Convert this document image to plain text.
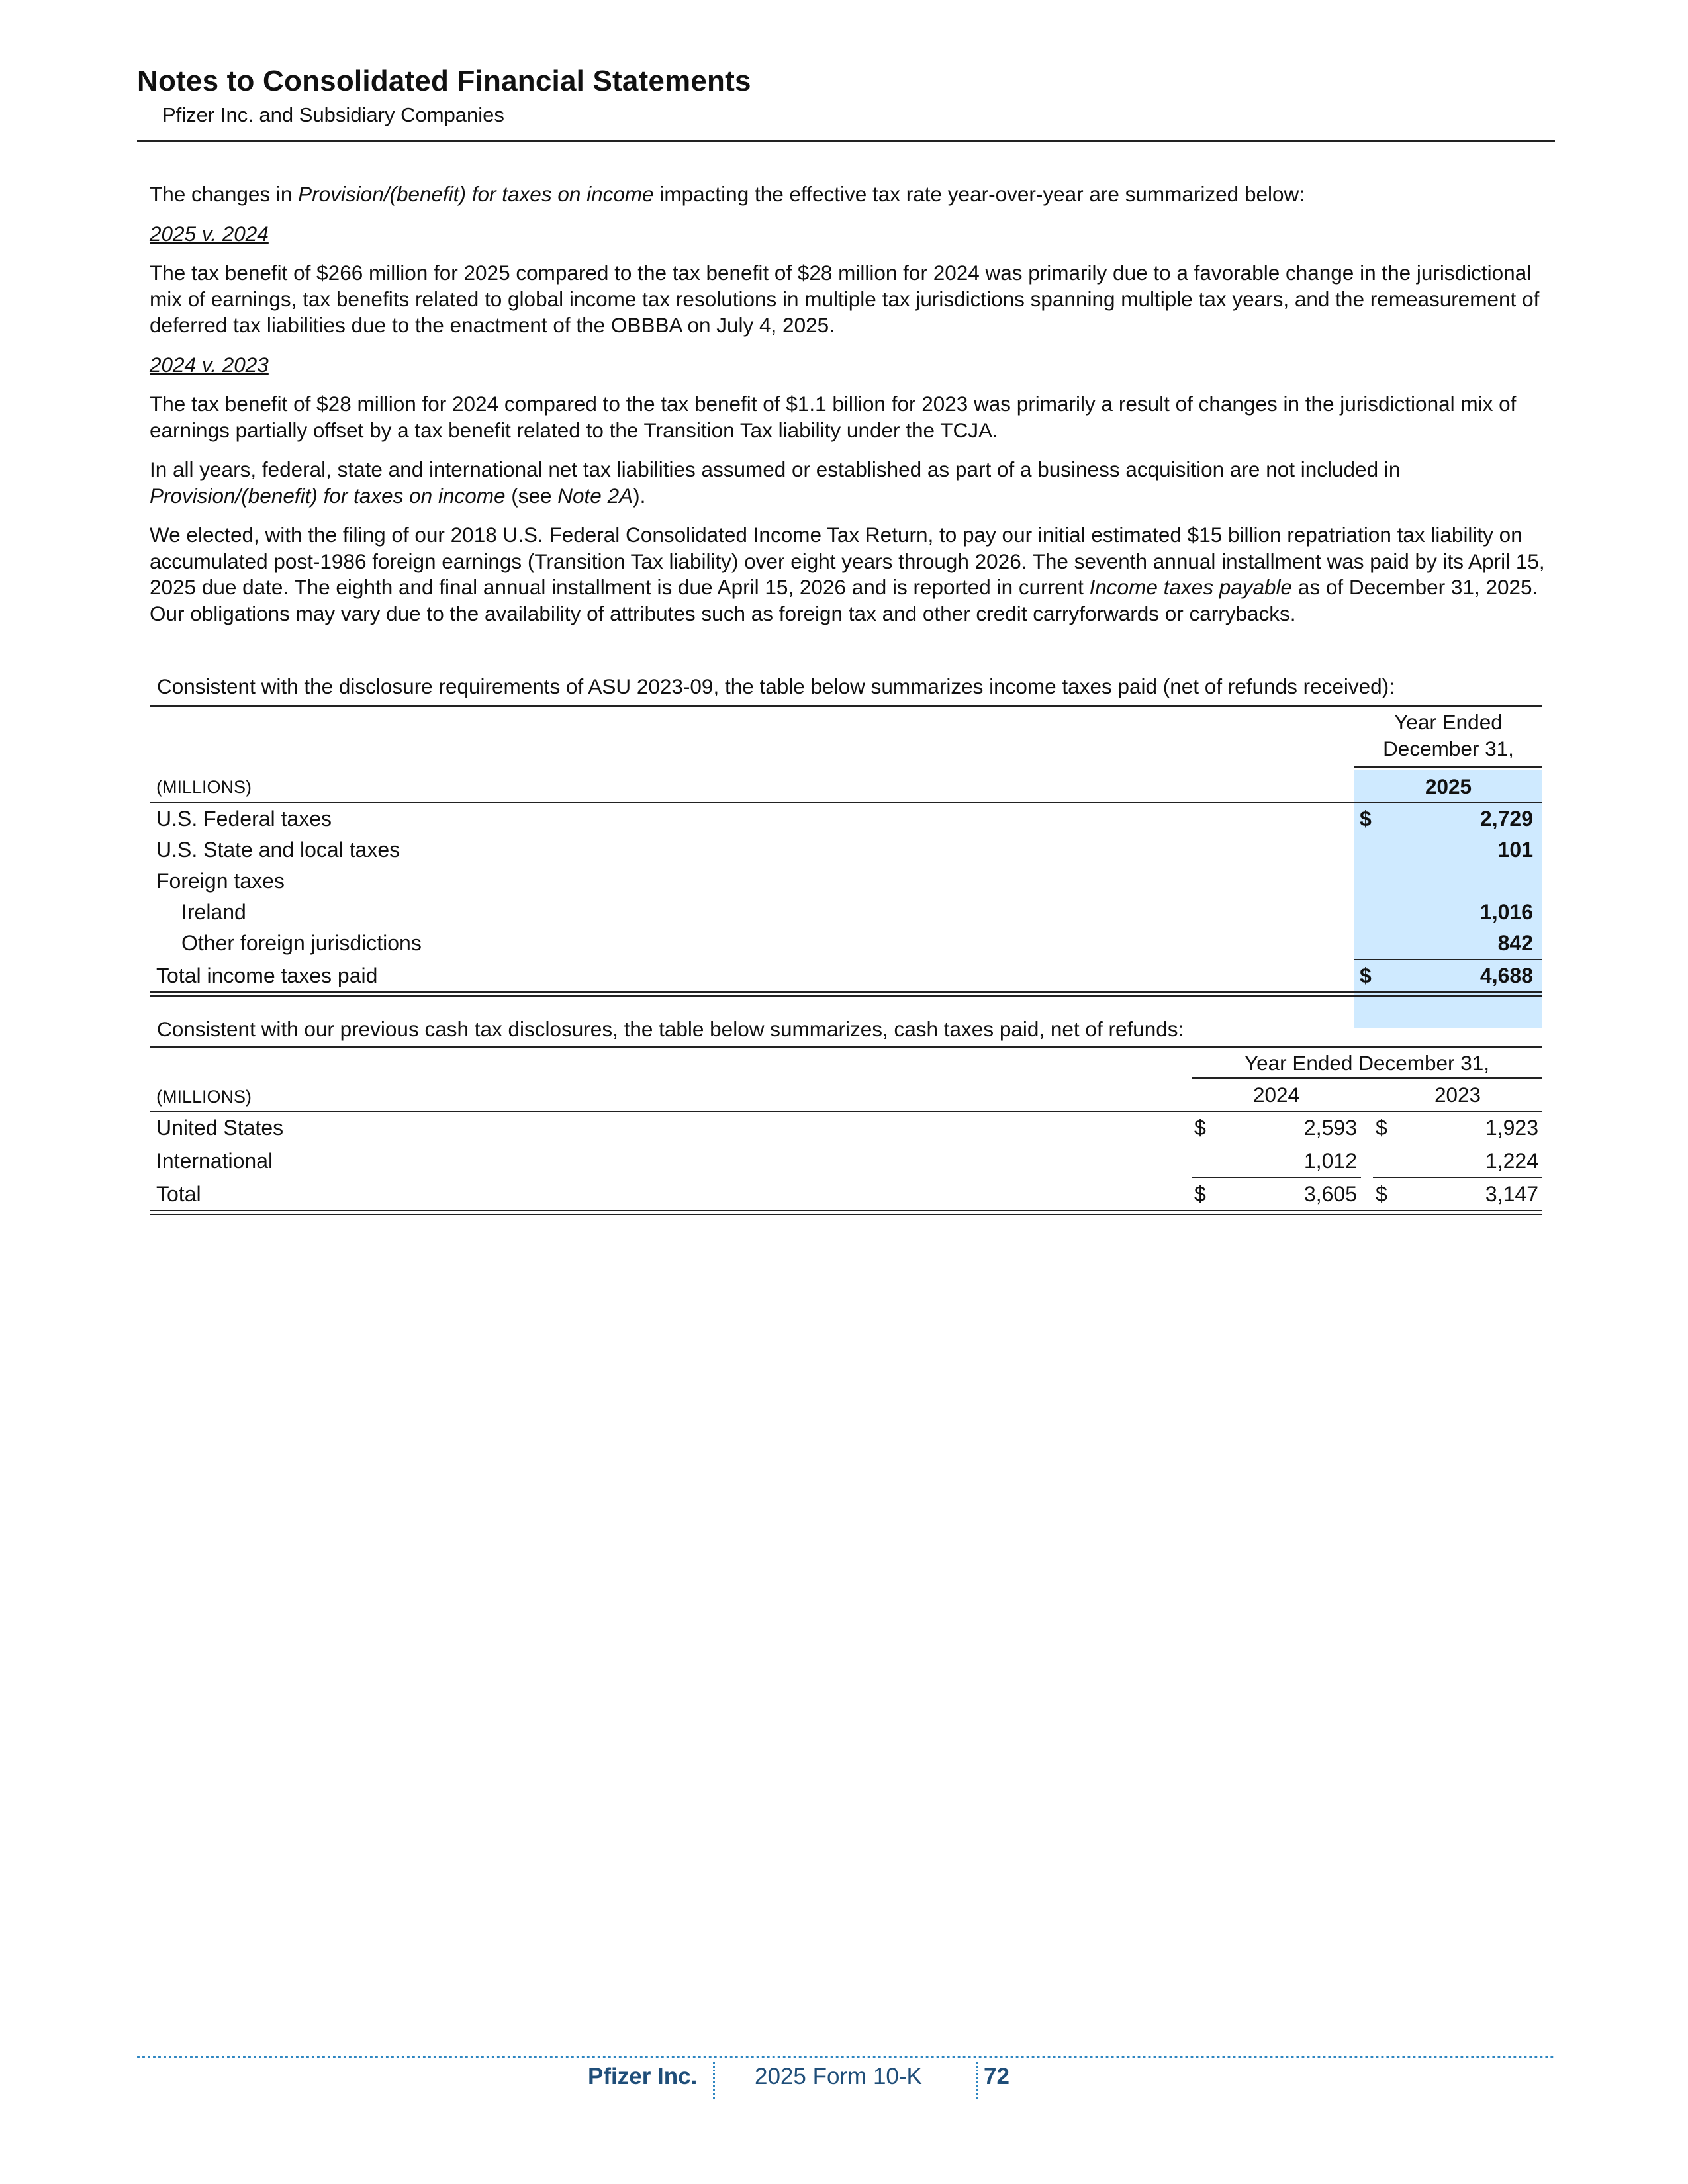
Notes to Consolidated Financial Statements
Pfizer Inc. and Subsidiary Companies

The changes in Provision/(benefit) for taxes on income impacting the effective tax rate year-over-year are summarized below:

2025 v. 2024

The tax benefit of $266 million for 2025 compared to the tax benefit of $28 million for 2024 was primarily due to a favorable change in the jurisdictional mix of earnings, tax benefits related to global income tax resolutions in multiple tax jurisdictions spanning multiple tax years, and the remeasurement of deferred tax liabilities due to the enactment of the OBBBA on July 4, 2025.

2024 v. 2023

The tax benefit of $28 million for 2024 compared to the tax benefit of $1.1 billion for 2023 was primarily a result of changes in the jurisdictional mix of earnings partially offset by a tax benefit related to the Transition Tax liability under the TCJA.

In all years, federal, state and international net tax liabilities assumed or established as part of a business acquisition are not included in Provision/(benefit) for taxes on income (see Note 2A).

We elected, with the filing of our 2018 U.S. Federal Consolidated Income Tax Return, to pay our initial estimated $15 billion repatriation tax liability on accumulated post-1986 foreign earnings (Transition Tax liability) over eight years through 2026. The seventh annual installment was paid by its April 15, 2025 due date. The eighth and final annual installment is due April 15, 2026 and is reported in current Income taxes payable as of December 31, 2025. Our obligations may vary due to the availability of attributes such as foreign tax and other credit carryforwards or carrybacks.

Consistent with the disclosure requirements of ASU 2023-09, the table below summarizes income taxes paid (net of refunds received):
Year Ended
December 31,
2025
(MILLIONS)
U.S. Federal taxes	$	2,729
U.S. State and local taxes	101
Foreign taxes
Ireland	1,016
Other foreign jurisdictions	842
Total income taxes paid	$	4,688
Consistent with our previous cash tax disclosures, the table below summarizes, cash taxes paid, net of refunds:
Year Ended December 31,
2024	2023
(MILLIONS)
United States	$	2,593 $	1,923
International	1,012	1,224
Total	$	3,605 $	3,147
Pfizer Inc. 2025 Form 10-K	72
